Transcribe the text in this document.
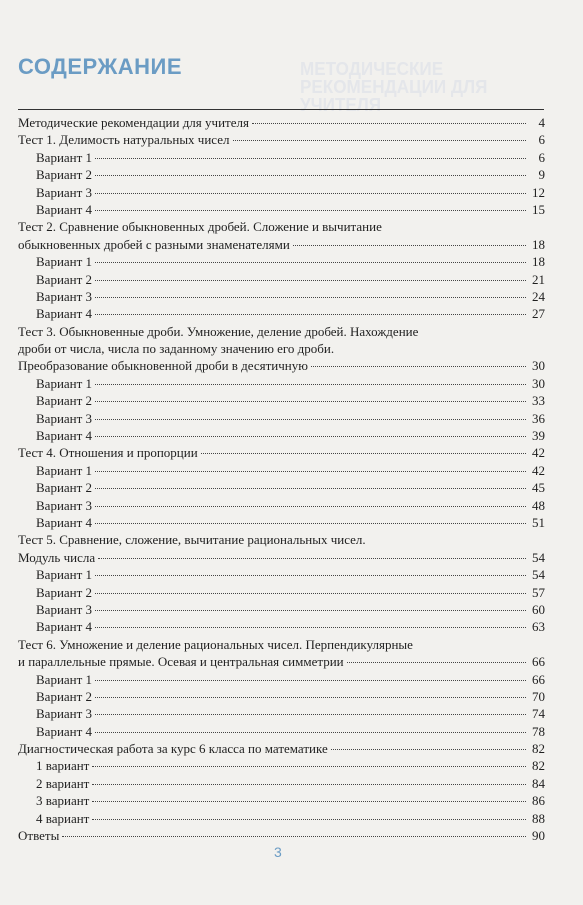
МЕТОДИЧЕСКИЕ РЕКОМЕНДАЦИИ ДЛЯ УЧИТЕЛЯ
СОДЕРЖАНИЕ
Методические рекомендации для учителя	4
Тест 1. Делимость натуральных чисел	6
Вариант 1	6
Вариант 2	9
Вариант 3	12
Вариант 4	15
Тест 2. Сравнение обыкновенных дробей. Сложение и вычитание
обыкновенных дробей с разными знаменателями	18
Вариант 1	18
Вариант 2	21
Вариант 3	24
Вариант 4	27
Тест 3. Обыкновенные дроби. Умножение, деление дробей. Нахождение
дроби от числа, числа по заданному значению его дроби.
Преобразование обыкновенной дроби в десятичную	30
Вариант 1	30
Вариант 2	33
Вариант 3	36
Вариант 4	39
Тест 4. Отношения и пропорции	42
Вариант 1	42
Вариант 2	45
Вариант 3	48
Вариант 4	51
Тест 5. Сравнение, сложение, вычитание рациональных чисел.
Модуль числа	54
Вариант 1	54
Вариант 2	57
Вариант 3	60
Вариант 4	63
Тест 6. Умножение и деление рациональных чисел. Перпендикулярные
и параллельные прямые. Осевая и центральная симметрии	66
Вариант 1	66
Вариант 2	70
Вариант 3	74
Вариант 4	78
Диагностическая работа за курс 6 класса по математике	82
1 вариант	82
2 вариант	84
3 вариант	86
4 вариант	88
Ответы	90
3
